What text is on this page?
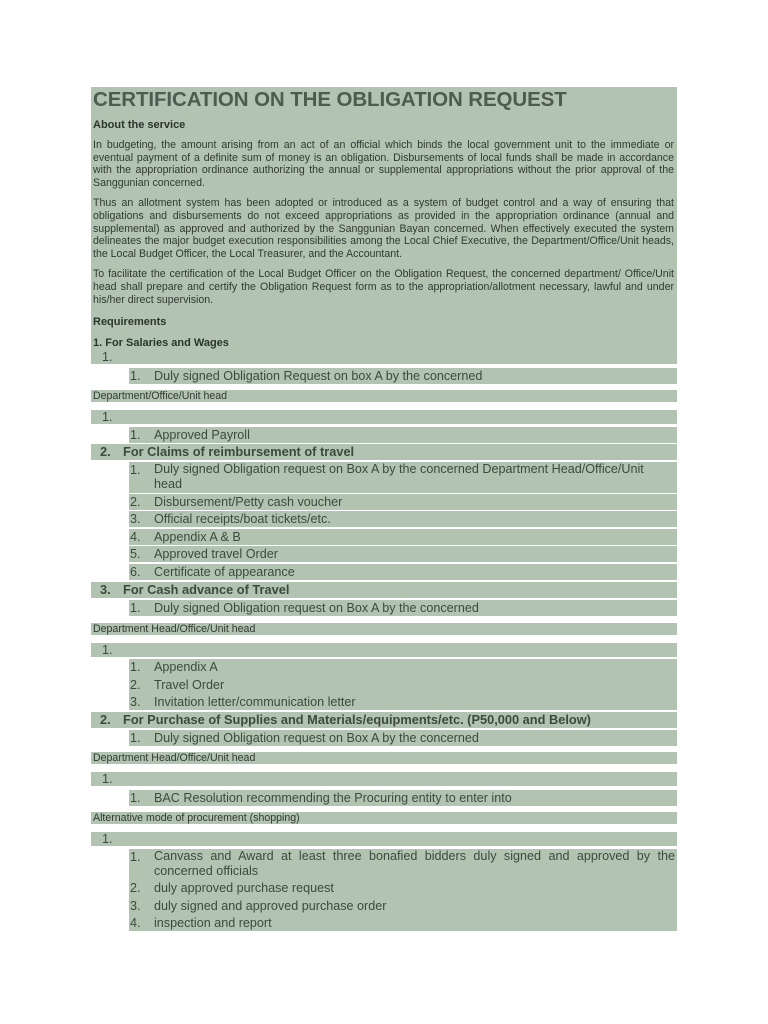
CERTIFICATION ON THE OBLIGATION REQUEST
About the service
In budgeting, the amount arising from an act of an official which binds the local government unit to the immediate or eventual payment of a definite sum of money is an obligation. Disbursements of local funds shall be made in accordance with the appropriation ordinance authorizing the annual or supplemental appropriations without the prior approval of the Sanggunian concerned.
Thus an allotment system has been adopted or introduced as a system of budget control and a way of ensuring that obligations and disbursements do not exceed appropriations as provided in the appropriation ordinance (annual and supplemental) as approved and authorized by the Sanggunian Bayan concerned. When effectively executed the system delineates the major budget execution responsibilities among the Local Chief Executive, the Department/Office/Unit heads, the Local Budget Officer, the Local Treasurer, and the Accountant.
To facilitate the certification of the Local Budget Officer on the Obligation Request, the concerned department/ Office/Unit head shall prepare and certify the Obligation Request form as to the appropriation/allotment necessary, lawful and under his/her direct supervision.
Requirements
1. For Salaries and Wages
1.
1. Duly signed Obligation Request on box A by the concerned
Department/Office/Unit head
1.
1. Approved Payroll
2. For Claims of reimbursement of travel
1. Duly signed Obligation request on Box A by the concerned Department Head/Office/Unit head
2. Disbursement/Petty cash voucher
3. Official receipts/boat tickets/etc.
4. Appendix A & B
5. Approved travel Order
6. Certificate of appearance
3. For Cash advance of Travel
1. Duly signed Obligation request on Box A by the concerned
Department Head/Office/Unit head
1.
1. Appendix A
2. Travel Order
3. Invitation letter/communication letter
2. For Purchase of Supplies and Materials/equipments/etc. (P50,000 and Below)
1. Duly signed Obligation request on Box A by the concerned
Department Head/Office/Unit head
1.
1. BAC Resolution recommending the Procuring entity to enter into
Alternative mode of procurement (shopping)
1.
1. Canvass and Award at least three bonafied bidders duly signed and approved by the concerned officials
2. duly approved purchase request
3. duly signed and approved purchase order
4. inspection and report
